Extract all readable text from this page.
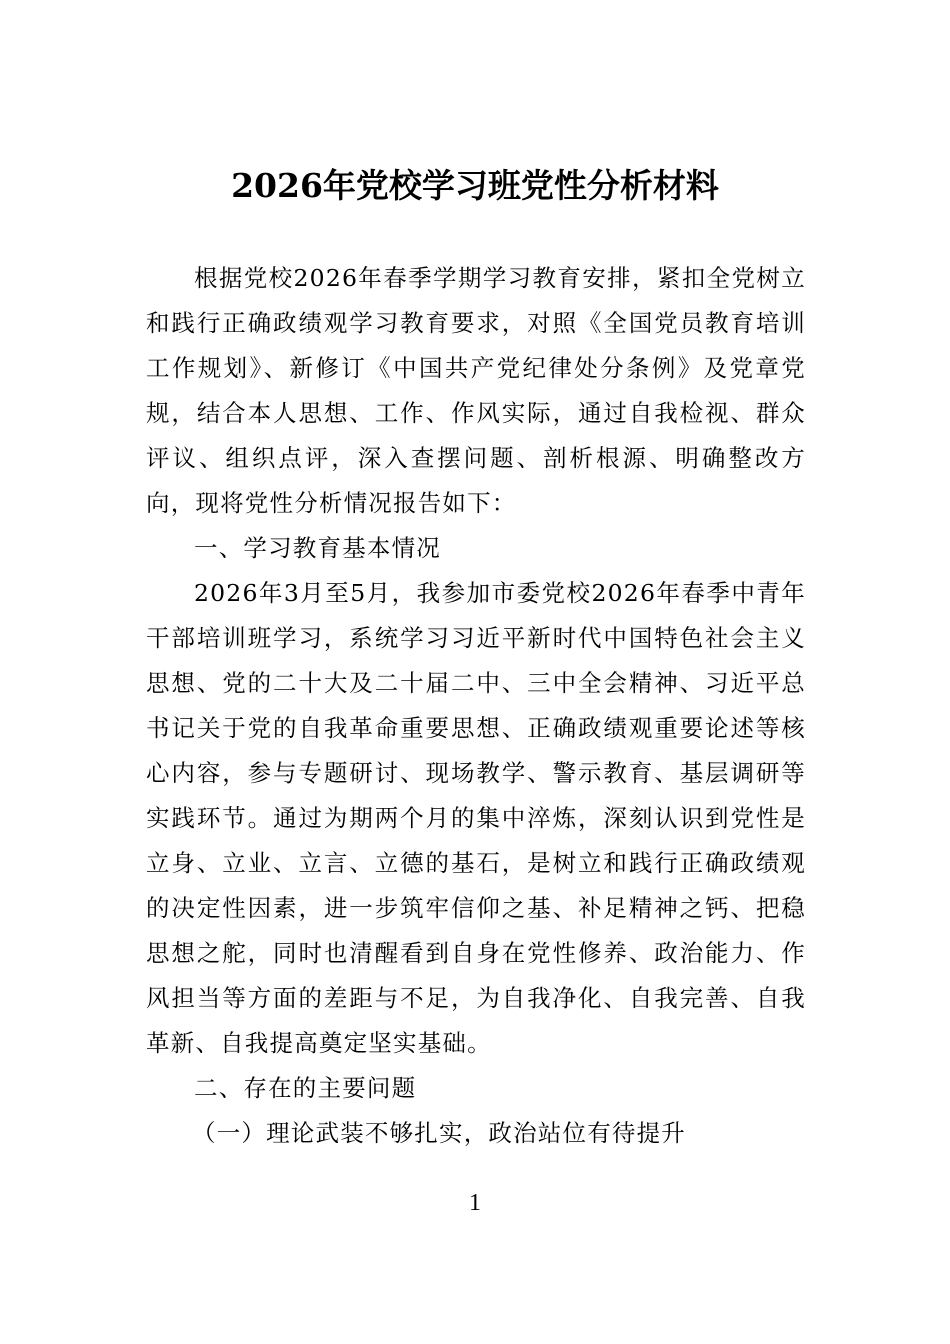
2026年党校学习班党性分析材料

根据党校2026年春季学期学习教育安排，紧扣全党树立和践行正确政绩观学习教育要求，对照《全国党员教育培训工作规划》、新修订《中国共产党纪律处分条例》及党章党规，结合本人思想、工作、作风实际，通过自我检视、群众评议、组织点评，深入查摆问题、剖析根源、明确整改方向，现将党性分析情况报告如下：

一、学习教育基本情况

2026年3月至5月，我参加市委党校2026年春季中青年干部培训班学习，系统学习习近平新时代中国特色社会主义思想、党的二十大及二十届二中、三中全会精神、习近平总书记关于党的自我革命重要思想、正确政绩观重要论述等核心内容，参与专题研讨、现场教学、警示教育、基层调研等实践环节。通过为期两个月的集中淬炼，深刻认识到党性是立身、立业、立言、立德的基石，是树立和践行正确政绩观的决定性因素，进一步筑牢信仰之基、补足精神之钙、把稳思想之舵，同时也清醒看到自身在党性修养、政治能力、作风担当等方面的差距与不足，为自我净化、自我完善、自我革新、自我提高奠定坚实基础。

二、存在的主要问题

（一）理论武装不够扎实，政治站位有待提升

1
